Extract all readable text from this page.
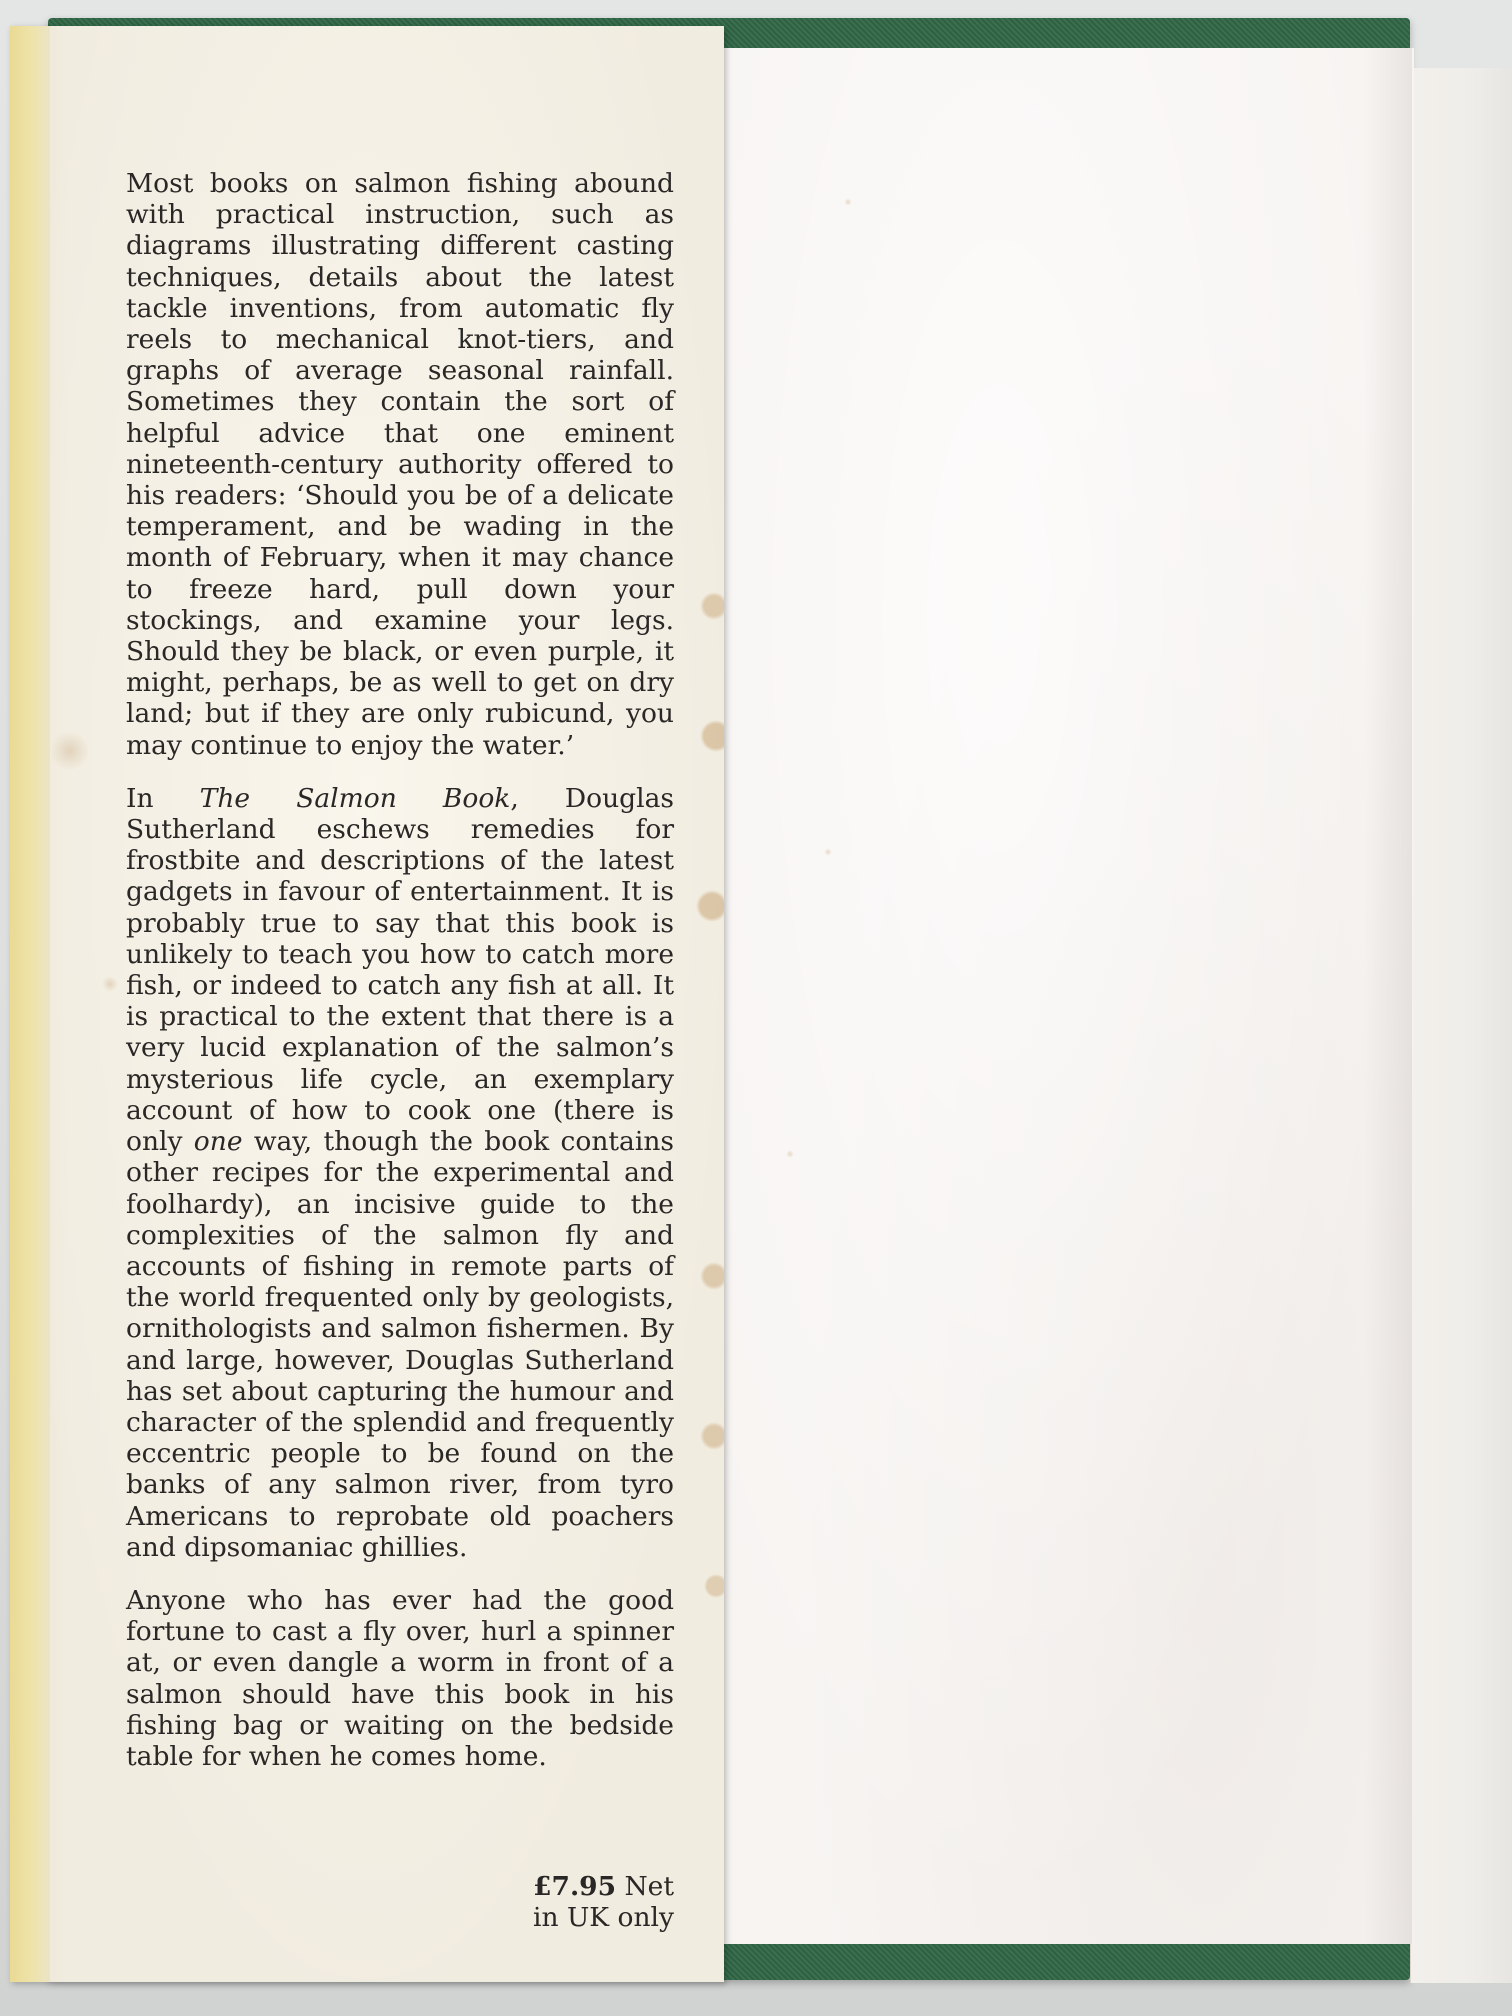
Most books on salmon fishing abound with practical instruction, such as diagrams illustrating different casting techniques, details about the latest tackle inventions, from automatic fly reels to mechanical knot-tiers, and graphs of average seasonal rainfall. Sometimes they contain the sort of helpful advice that one eminent nineteenth-century authority offered to his readers: ‘Should you be of a delicate temperament, and be wading in the month of February, when it may chance to freeze hard, pull down your stockings, and examine your legs. Should they be black, or even purple, it might, perhaps, be as well to get on dry land; but if they are only rubicund, you may continue to enjoy the water.’

In The Salmon Book, Douglas Sutherland eschews remedies for frostbite and descriptions of the latest gadgets in favour of entertainment. It is probably true to say that this book is unlikely to teach you how to catch more fish, or indeed to catch any fish at all. It is practical to the extent that there is a very lucid explanation of the salmon’s mysterious life cycle, an exemplary account of how to cook one (there is only one way, though the book contains other recipes for the experimental and foolhardy), an incisive guide to the complexities of the salmon fly and accounts of fishing in remote parts of the world frequented only by geologists, ornithologists and salmon fishermen. By and large, however, Douglas Sutherland has set about capturing the humour and character of the splendid and frequently eccentric people to be found on the banks of any salmon river, from tyro Americans to reprobate old poachers and dipsomaniac ghillies.

Anyone who has ever had the good fortune to cast a fly over, hurl a spinner at, or even dangle a worm in front of a salmon should have this book in his fishing bag or waiting on the bedside table for when he comes home.

£7.95 Net
in UK only
